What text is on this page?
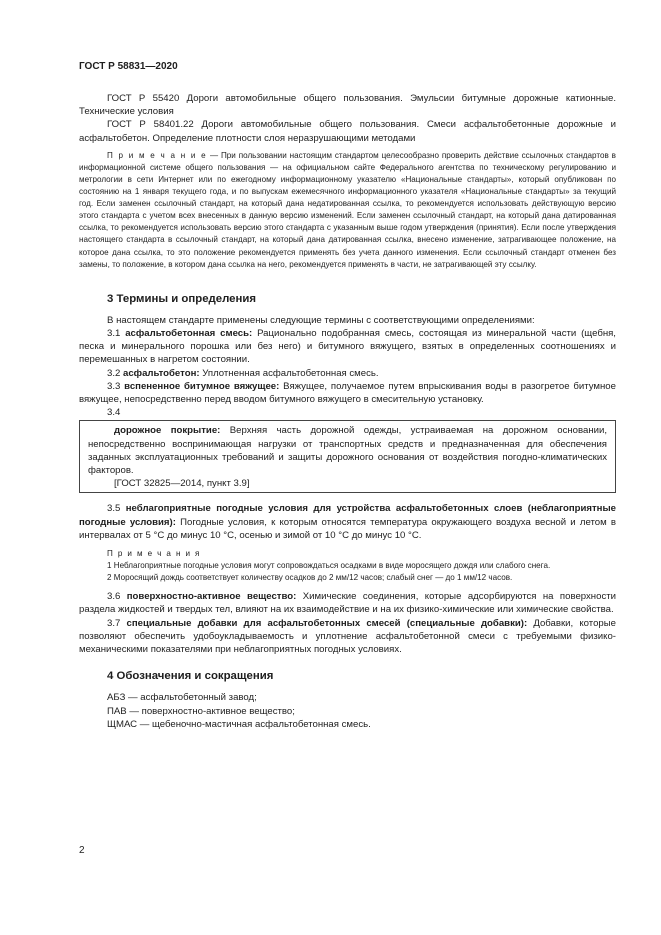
ГОСТ Р 58831—2020

ГОСТ Р 55420 Дороги автомобильные общего пользования. Эмульсии битумные дорожные катионные. Технические условия

ГОСТ Р 58401.22 Дороги автомобильные общего пользования. Смеси асфальтобетонные дорожные и асфальтобетон. Определение плотности слоя неразрушающими методами

П р и м е ч а н и е — При пользовании настоящим стандартом целесообразно проверить действие ссылочных стандартов в информационной системе общего пользования — на официальном сайте Федерального агентства по техническому регулированию и метрологии в сети Интернет или по ежегодному информационному указателю «Национальные стандарты», который опубликован по состоянию на 1 января текущего года, и по выпускам ежемесячного информационного указателя «Национальные стандарты» за текущий год. Если заменен ссылочный стандарт, на который дана недатированная ссылка, то рекомендуется использовать действующую версию этого стандарта с учетом всех внесенных в данную версию изменений. Если заменен ссылочный стандарт, на который дана датированная ссылка, то рекомендуется использовать версию этого стандарта с указанным выше годом утверждения (принятия). Если после утверждения настоящего стандарта в ссылочный стандарт, на который дана датированная ссылка, внесено изменение, затрагивающее положение, на которое дана ссылка, то это положение рекомендуется применять без учета данного изменения. Если ссылочный стандарт отменен без замены, то положение, в котором дана ссылка на него, рекомендуется применять в части, не затрагивающей эту ссылку.

3 Термины и определения

В настоящем стандарте применены следующие термины с соответствующими определениями:

3.1 асфальтобетонная смесь: Рационально подобранная смесь, состоящая из минеральной части (щебня, песка и минерального порошка или без него) и битумного вяжущего, взятых в определенных соотношениях и перемешанных в нагретом состоянии.

3.2 асфальтобетон: Уплотненная асфальтобетонная смесь.

3.3 вспененное битумное вяжущее: Вяжущее, получаемое путем впрыскивания воды в разогретое битумное вяжущее, непосредственно перед вводом битумного вяжущего в смесительную установку.

3.4

дорожное покрытие: Верхняя часть дорожной одежды, устраиваемая на дорожном основании, непосредственно воспринимающая нагрузки от транспортных средств и предназначенная для обеспечения заданных эксплуатационных требований и защиты дорожного основания от воздействия погодно-климатических факторов.

[ГОСТ 32825—2014, пункт 3.9]

3.5 неблагоприятные погодные условия для устройства асфальтобетонных слоев (неблагоприятные погодные условия): Погодные условия, к которым относятся температура окружающего воздуха весной и летом в интервалах от 5 °С до минус 10 °С, осенью и зимой от 10 °С до минус 10 °С.

П р и м е ч а н и я

1 Неблагоприятные погодные условия могут сопровождаться осадками в виде моросящего дождя или слабого снега.

2 Моросящий дождь соответствует количеству осадков до 2 мм/12 часов; слабый снег — до 1 мм/12 часов.

3.6 поверхностно-активное вещество: Химические соединения, которые адсорбируются на поверхности раздела жидкостей и твердых тел, влияют на их взаимодействие и на их физико-химические или химические свойства.

3.7 специальные добавки для асфальтобетонных смесей (специальные добавки): Добавки, которые позволяют обеспечить удобоукладываемость и уплотнение асфальтобетонной смеси с требуемыми физико-механическими показателями при неблагоприятных погодных условиях.

4 Обозначения и сокращения

АБЗ — асфальтобетонный завод;
ПАВ — поверхностно-активное вещество;
ЩМАС — щебеночно-мастичная асфальтобетонная смесь.
2
